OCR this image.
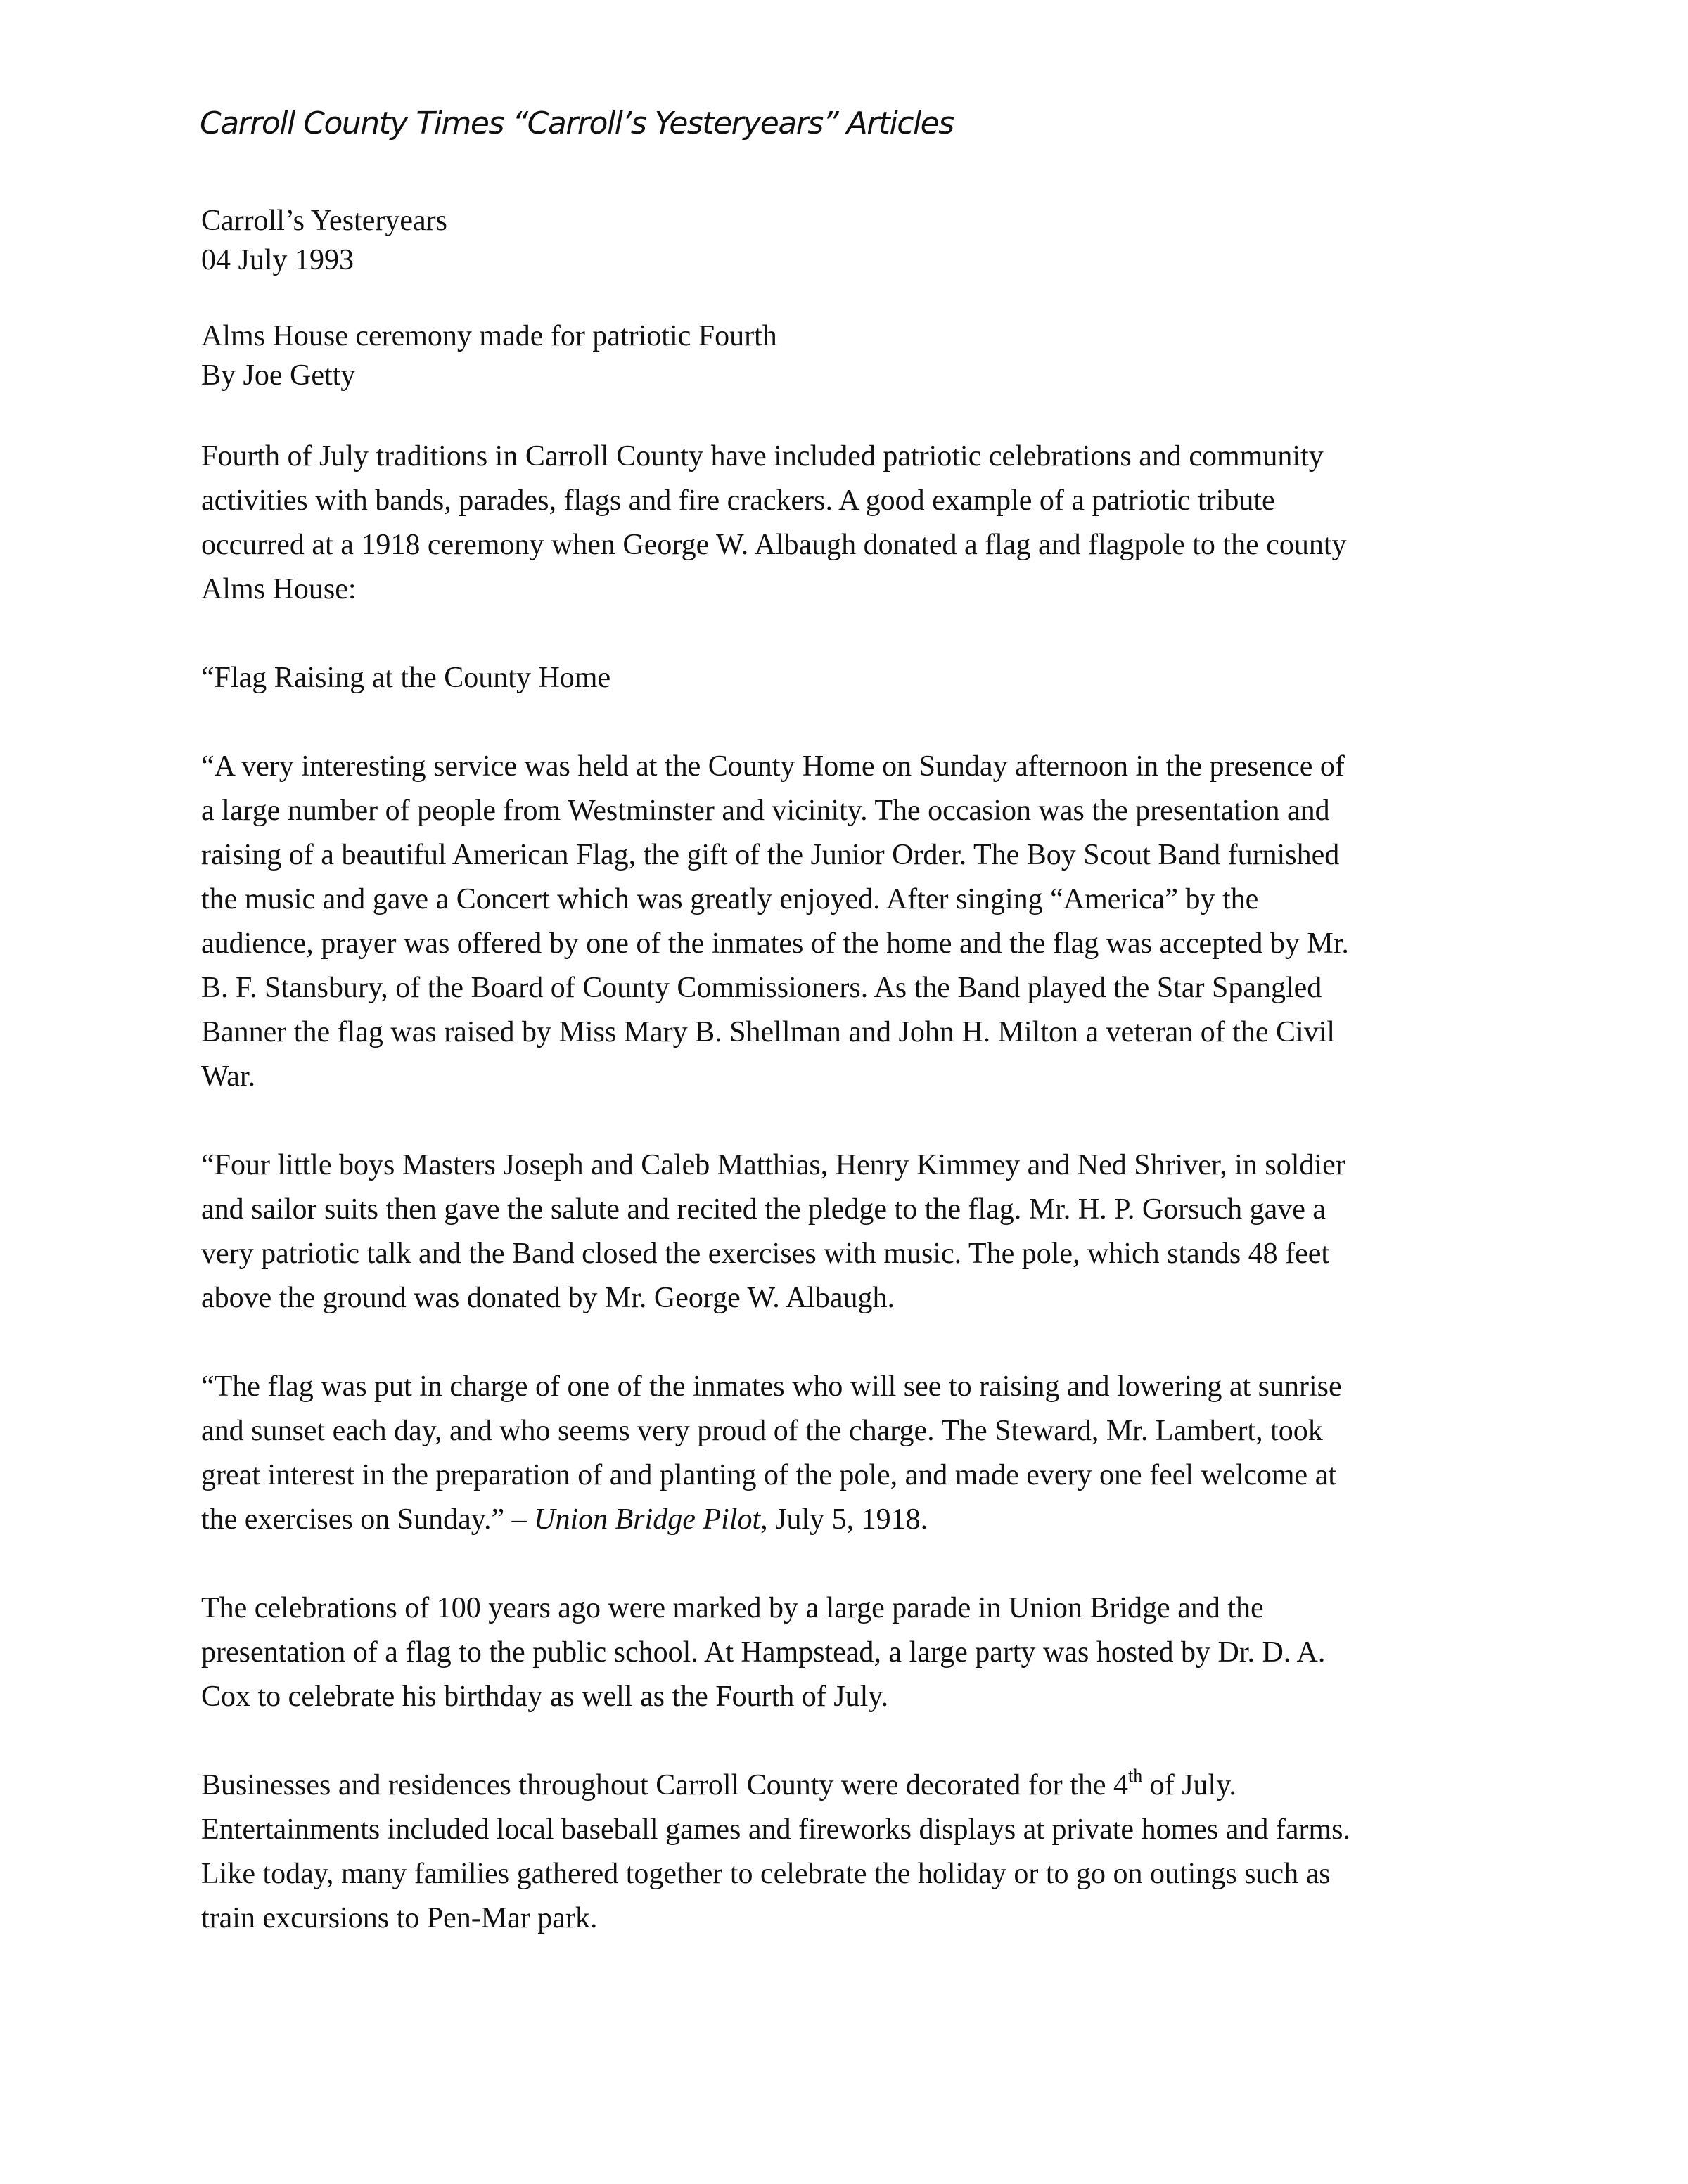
Carroll County Times “Carroll’s Yesteryears” Articles
Carroll’s Yesteryears
04 July 1993
Alms House ceremony made for patriotic Fourth
By Joe Getty
Fourth of July traditions in Carroll County have included patriotic celebrations and community
activities with bands, parades, flags and fire crackers. A good example of a patriotic tribute
occurred at a 1918 ceremony when George W. Albaugh donated a flag and flagpole to the county
Alms House:
“Flag Raising at the County Home
“A very interesting service was held at the County Home on Sunday afternoon in the presence of
a large number of people from Westminster and vicinity. The occasion was the presentation and
raising of a beautiful American Flag, the gift of the Junior Order. The Boy Scout Band furnished
the music and gave a Concert which was greatly enjoyed. After singing “America” by the
audience, prayer was offered by one of the inmates of the home and the flag was accepted by Mr.
B. F. Stansbury, of the Board of County Commissioners. As the Band played the Star Spangled
Banner the flag was raised by Miss Mary B. Shellman and John H. Milton a veteran of the Civil
War.
“Four little boys Masters Joseph and Caleb Matthias, Henry Kimmey and Ned Shriver, in soldier
and sailor suits then gave the salute and recited the pledge to the flag. Mr. H. P. Gorsuch gave a
very patriotic talk and the Band closed the exercises with music. The pole, which stands 48 feet
above the ground was donated by Mr. George W. Albaugh.
“The flag was put in charge of one of the inmates who will see to raising and lowering at sunrise
and sunset each day, and who seems very proud of the charge. The Steward, Mr. Lambert, took
great interest in the preparation of and planting of the pole, and made every one feel welcome at
the exercises on Sunday.” – Union Bridge Pilot, July 5, 1918.
The celebrations of 100 years ago were marked by a large parade in Union Bridge and the
presentation of a flag to the public school. At Hampstead, a large party was hosted by Dr. D. A.
Cox to celebrate his birthday as well as the Fourth of July.
Businesses and residences throughout Carroll County were decorated for the 4th of July.
Entertainments included local baseball games and fireworks displays at private homes and farms.
Like today, many families gathered together to celebrate the holiday or to go on outings such as
train excursions to Pen-Mar park.
